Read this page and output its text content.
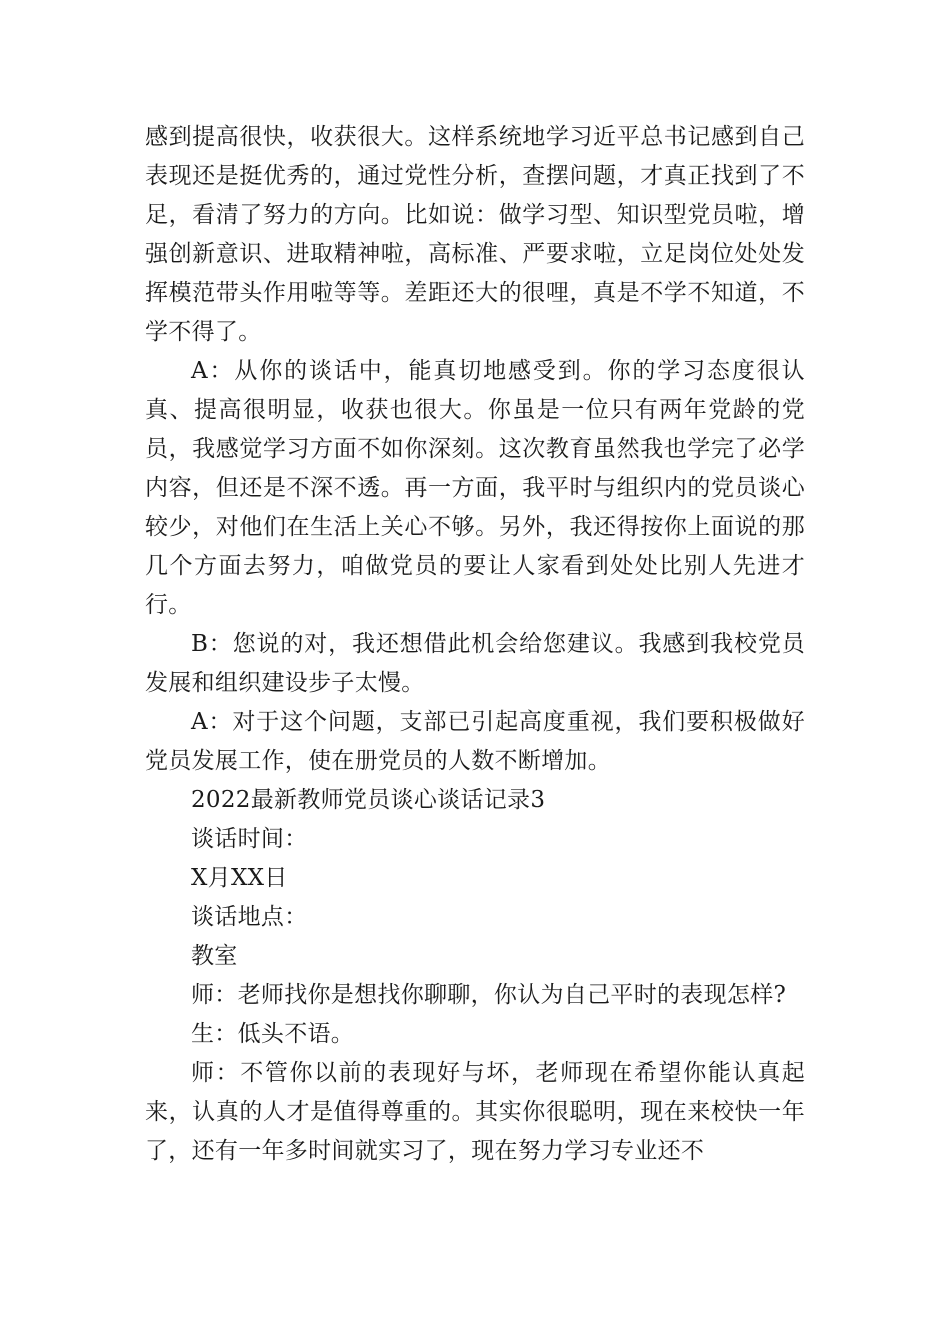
感到提高很快，收获很大。这样系统地学习近平总书记感到自己表现还是挺优秀的，通过党性分析，查摆问题，才真正找到了不足，看清了努力的方向。比如说：做学习型、知识型党员啦，增强创新意识、进取精神啦，高标准、严要求啦，立足岗位处处发挥模范带头作用啦等等。差距还大的很哩，真是不学不知道，不学不得了。

A：从你的谈话中，能真切地感受到。你的学习态度很认真、提高很明显，收获也很大。你虽是一位只有两年党龄的党员，我感觉学习方面不如你深刻。这次教育虽然我也学完了必学内容，但还是不深不透。再一方面，我平时与组织内的党员谈心较少，对他们在生活上关心不够。另外，我还得按你上面说的那几个方面去努力，咱做党员的要让人家看到处处比别人先进才行。

B：您说的对，我还想借此机会给您建议。我感到我校党员发展和组织建设步子太慢。

A：对于这个问题，支部已引起高度重视，我们要积极做好党员发展工作，使在册党员的人数不断增加。

2022最新教师党员谈心谈话记录3

谈话时间：

X月XX日

谈话地点：

教室

师：老师找你是想找你聊聊，你认为自己平时的表现怎样?

生：低头不语。

师：不管你以前的表现好与坏，老师现在希望你能认真起来，认真的人才是值得尊重的。其实你很聪明，现在来校快一年了，还有一年多时间就实习了，现在努力学习专业还不
